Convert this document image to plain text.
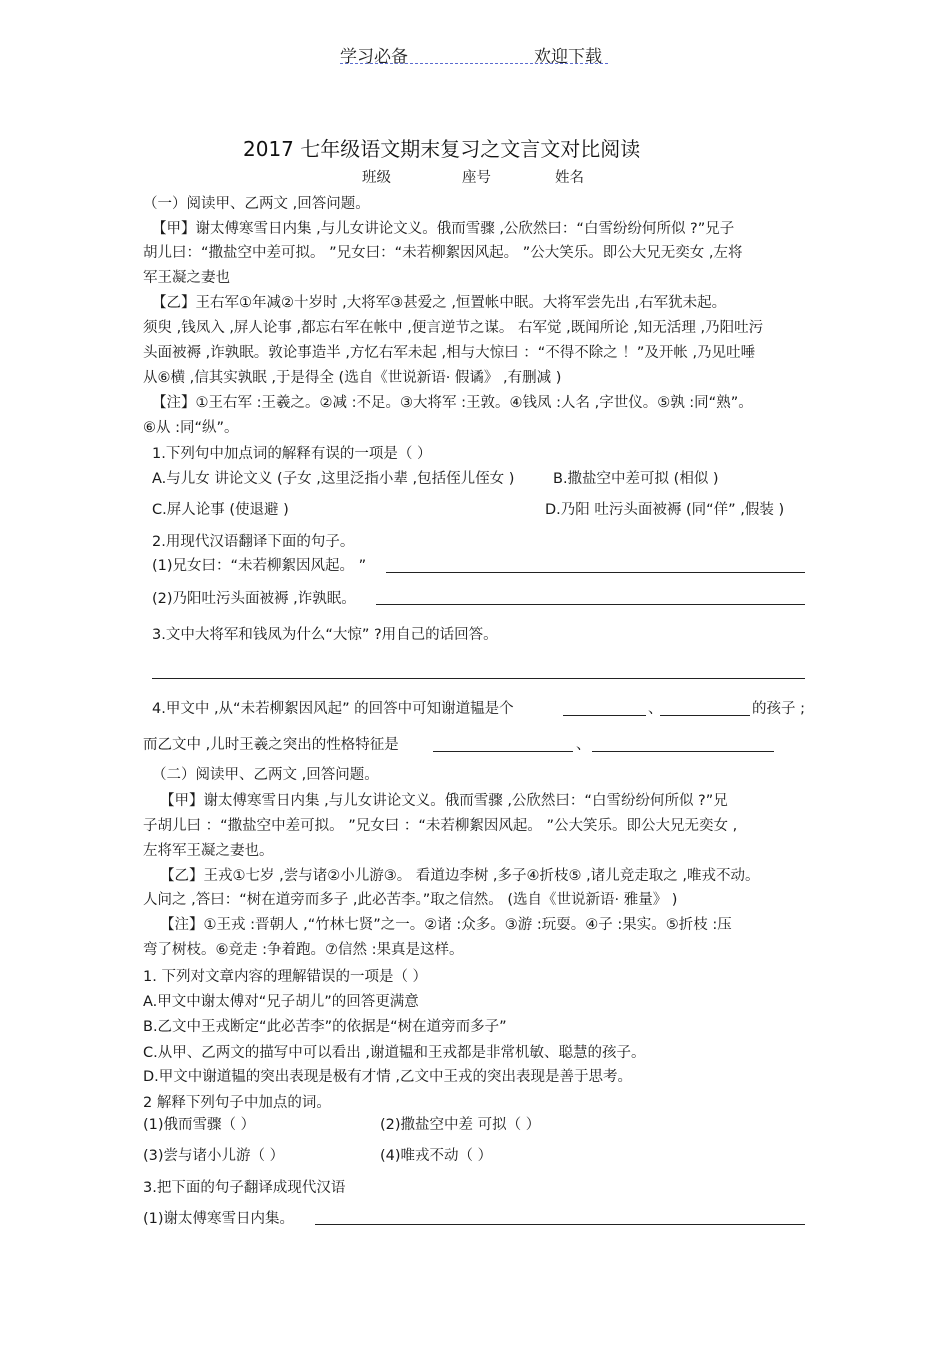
学习必备	欢迎下载
2017 七年级语文期末复习之文言文对比阅读
班级	座号	姓名
（一）阅读甲、乙两文 ,回答问题。
【甲】谢太傅寒雪日内集 ,与儿女讲论文义。俄而雪骤 ,公欣然曰：“白雪纷纷何所似 ?”兄子
胡儿曰：“撒盐空中差可拟。 ”兄女曰：“未若柳絮因风起。 ”公大笑乐。即公大兄无奕女 ,左将
军王凝之妻也
【乙】王右军①年减②十岁时 ,大将军③甚爱之 ,恒置帐中眠。大将军尝先出 ,右军犹未起。
须臾 ,钱凤入 ,屏人论事 ,都忘右军在帐中 ,便言逆节之谋。 右军觉 ,既闻所论 ,知无活理 ,乃阳吐污
头面被褥 ,诈孰眠。敦论事造半 ,方忆右军未起 ,相与大惊曰 ：“不得不除之 ！”及开帐 ,乃见吐唾
从⑥横 ,信其实孰眠 ,于是得全 (选自《世说新语· 假谲》 ,有删减 )
【注】①王右军 :王羲之。②减 :不足。③大将军 :王敦。④钱凤 :人名 ,字世仪。⑤孰 :同“熟”。
⑥从 :同“纵”。
1.下列句中加点词的解释有误的一项是（ ）
A.与儿女 讲论文义 (子女 ,这里泛指小辈 ,包括侄儿侄女 )	B.撒盐空中差可拟 (相似 )
C.屏人论事 (使退避 )	D.乃阳 吐污头面被褥 (同“佯” ,假装 )
2.用现代汉语翻译下面的句子。
(1)兄女曰：“未若柳絮因风起。 ”
(2)乃阳吐污头面被褥 ,诈孰眠。
3.文中大将军和钱凤为什么“大惊” ?用自己的话回答。
4.甲文中 ,从“未若柳絮因风起” 的回答中可知谢道韫是个	、	的孩子 ;
而乙文中 ,儿时王羲之突出的性格特征是	、
（二）阅读甲、乙两文 ,回答问题。
【甲】谢太傅寒雪日内集 ,与儿女讲论文义。俄而雪骤 ,公欣然曰：“白雪纷纷何所似 ?”兄
子胡儿曰 ：“撒盐空中差可拟。 ”兄女曰 ：“未若柳絮因风起。 ”公大笑乐。即公大兄无奕女 ,
左将军王凝之妻也。
【乙】王戎①七岁 ,尝与诸②小儿游③。 看道边李树 ,多子④折枝⑤ ,诸儿竞走取之 ,唯戎不动。
人问之 ,答曰：“树在道旁而多子 ,此必苦李。”取之信然。 (选自《世说新语· 雅量》 )
【注】①王戎 :晋朝人 ,“竹林七贤”之一。②诸 :众多。③游 :玩耍。④子 :果实。⑤折枝 :压
弯了树枝。⑥竞走 :争着跑。⑦信然 :果真是这样。
1. 下列对文章内容的理解错误的一项是（ ）
A.甲文中谢太傅对“兄子胡儿”的回答更满意
B.乙文中王戎断定“此必苦李”的依据是“树在道旁而多子”
C.从甲、乙两文的描写中可以看出 ,谢道韫和王戎都是非常机敏、聪慧的孩子。
D.甲文中谢道韫的突出表现是极有才情 ,乙文中王戎的突出表现是善于思考。
2 解释下列句子中加点的词。
(1)俄而雪骤（ ）	(2)撒盐空中差 可拟（ ）
(3)尝与诸小儿游（ ）	(4)唯戎不动（ ）
3.把下面的句子翻译成现代汉语
(1)谢太傅寒雪日内集。
